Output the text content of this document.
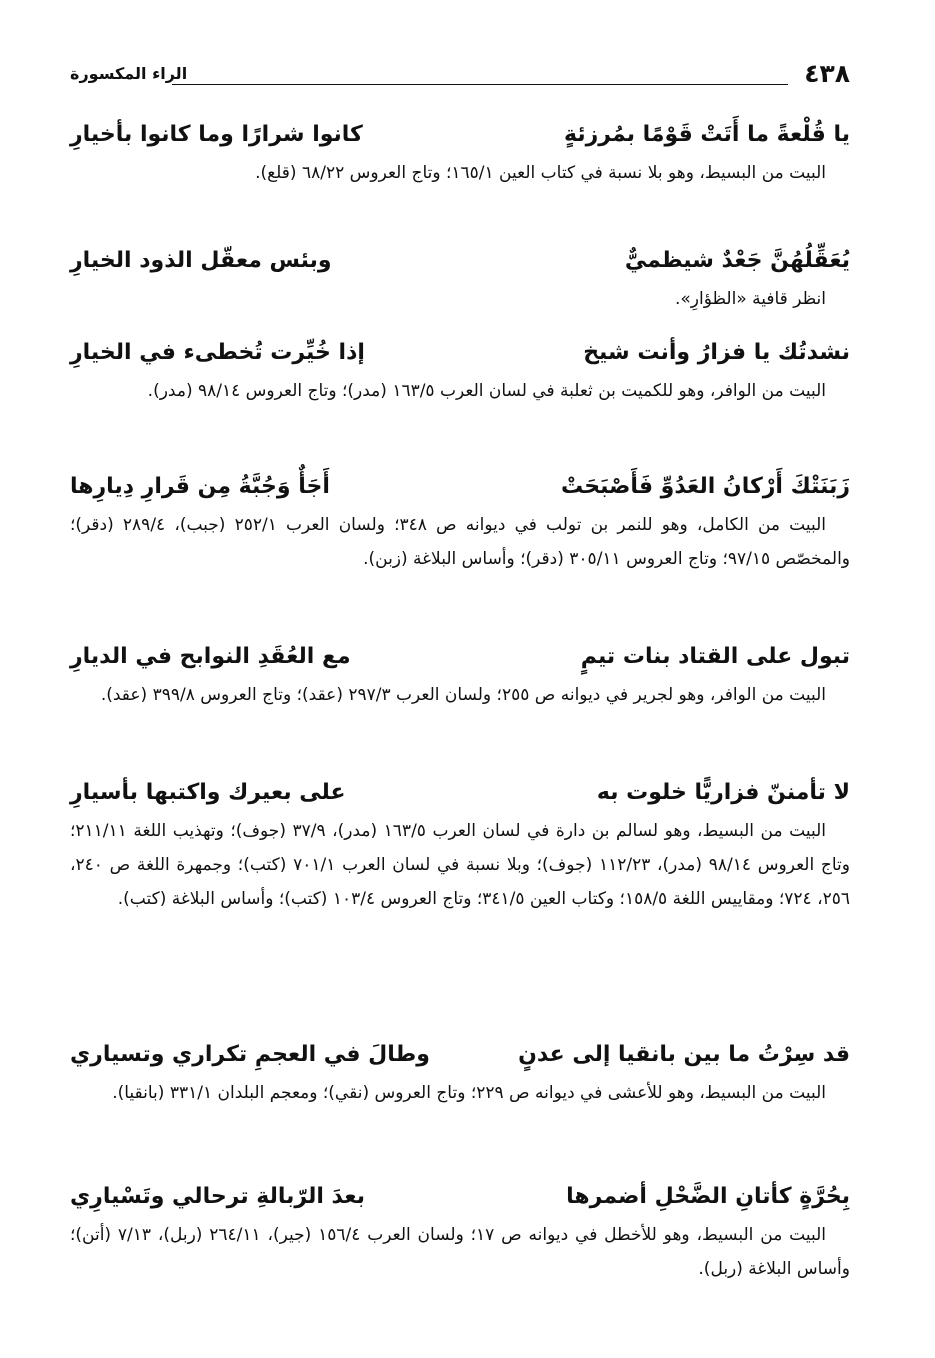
٤٣٨
الراء المكسورة
يا قُلْعةً ما أَتَتْ قَوْمًا بمُرزئةٍ
كانوا شرارًا وما كانوا بأخيارِ

البيت من البسيط، وهو بلا نسبة في كتاب العين ١٦٥/١؛ وتاج العروس ٦٨/٢٢ (قلع).

يُعَقِّلُهُنَّ جَعْدٌ شيظميٌّ
وبئس معقّل الذود الخيارِ

انظر قافية «الظؤارِ».

نشدتُك يا فزارُ وأنت شيخ
إذا خُيِّرت تُخطىء في الخيارِ

البيت من الوافر، وهو للكميت بن ثعلبة في لسان العرب ١٦٣/٥ (مدر)؛ وتاج العروس ٩٨/١٤ (مدر).

زَبَنَتْكَ أَرْكانُ العَدُوِّ فَأَصْبَحَتْ
أَجَأٌ وَجُبَّةُ مِن قَرارِ دِيارِها

البيت من الكامل، وهو للنمر بن تولب في ديوانه ص ٣٤٨؛ ولسان العرب ٢٥٢/١ (جبب)، ٢٨٩/٤ (دقر)؛ والمخصّص ٩٧/١٥؛ وتاج العروس ٣٠٥/١١ (دقر)؛ وأساس البلاغة (زبن).

تبول على القتاد بنات تيمٍ
مع العُقَدِ النوابح في الديارِ

البيت من الوافر، وهو لجرير في ديوانه ص ٢٥٥؛ ولسان العرب ٢٩٧/٣ (عقد)؛ وتاج العروس ٣٩٩/٨ (عقد).

لا تأمننّ فزاريًّا خلوت به
على بعيرك واكتبها بأسيارِ

البيت من البسيط، وهو لسالم بن دارة في لسان العرب ١٦٣/٥ (مدر)، ٣٧/٩ (جوف)؛ وتهذيب اللغة ٢١١/١١؛ وتاج العروس ٩٨/١٤ (مدر)، ١١٢/٢٣ (جوف)؛ وبلا نسبة في لسان العرب ٧٠١/١ (كتب)؛ وجمهرة اللغة ص ٢٤٠، ٢٥٦، ٧٢٤؛ ومقاييس اللغة ١٥٨/٥؛ وكتاب العين ٣٤١/٥؛ وتاج العروس ١٠٣/٤ (كتب)؛ وأساس البلاغة (كتب).

قد سِرْتُ ما بين بانقيا إلى عدنٍ
وطالَ في العجمِ تكراري وتسياري

البيت من البسيط، وهو للأعشى في ديوانه ص ٢٢٩؛ وتاج العروس (نقي)؛ ومعجم البلدان ٣٣١/١ (بانقيا).

بِحُرَّةٍ كأتانِ الضَّحْلِ أضمرها
بعدَ الرّبالةِ ترحالي وتَسْيارِي

البيت من البسيط، وهو للأخطل في ديوانه ص ١٧؛ ولسان العرب ١٥٦/٤ (جير)، ٢٦٤/١١ (ربل)، ٧/١٣ (أتن)؛ وأساس البلاغة (ربل).
